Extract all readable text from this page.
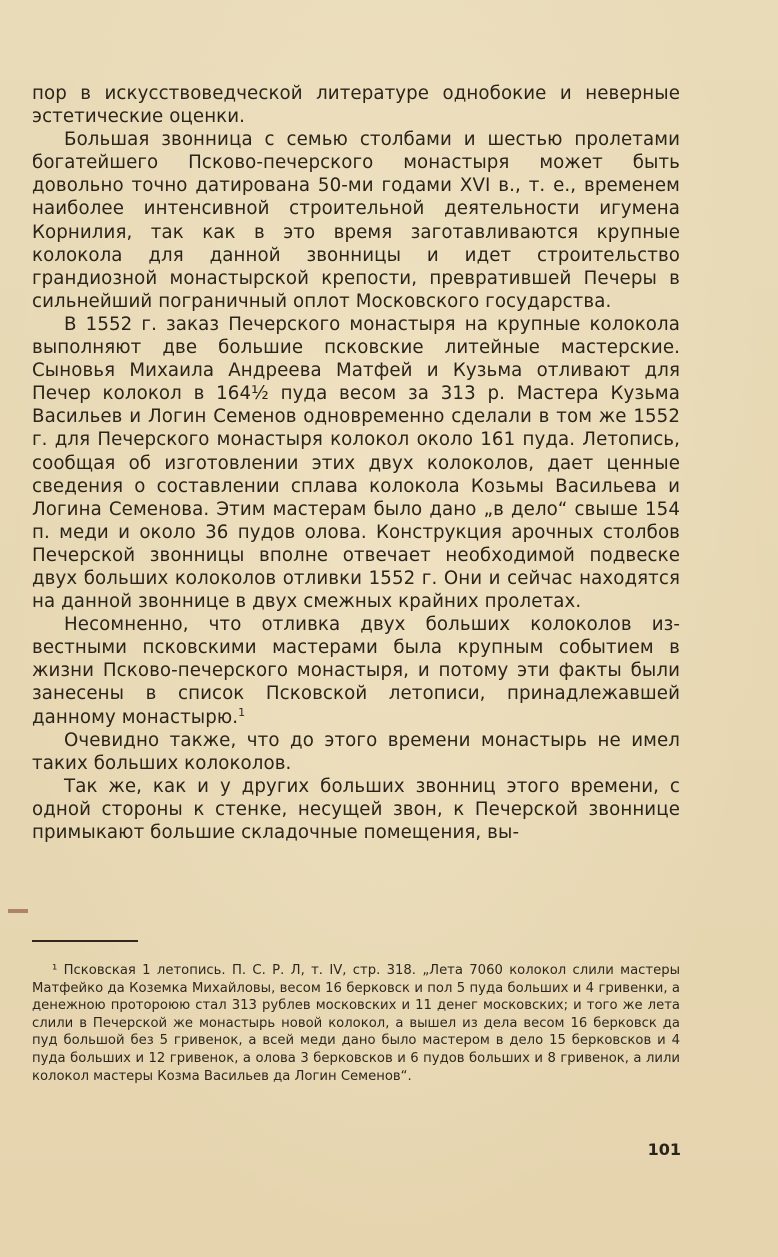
пор в искусствоведческой литературе однобокие и неверные эстетические оценки.

Большая звонница с семью столбами и шестью пролетами богатейшего Псково-печерского монастыря может быть довольно точно датирована 50-ми годами XVI в., т. е., временем наиболее интенсивной строительной деятельности игумена Корнилия, так как в это время заготавливаются крупные колокола для данной звонницы и идет строительство грандиозной монастырской крепости, превратившей Печеры в сильнейший пограничный оплот Московского государства.

В 1552 г. заказ Печерского монастыря на крупные колокола выполняют две большие псковские литейные мастерские. Сыновья Михаила Андреева Матфей и Кузьма отливают для Печер колокол в 164½ пуда весом за 313 р. Мастера Кузьма Васильев и Логин Семенов одновременно сделали в том же 1552 г. для Печерского монастыря колокол около 161 пуда. Летопись, сообщая об изготовлении этих двух колоколов, дает ценные сведения о составлении сплава колокола Козьмы Васильева и Логина Семенова. Этим мастерам было дано „в дело“ свыше 154 п. меди и около 36 пудов олова. Конструкция арочных столбов Печерской звонницы вполне отвечает необходимой подвеске двух больших колоколов отливки 1552 г. Они и сейчас находятся на данной звоннице в двух смежных крайних пролетах.

Несомненно, что отливка двух больших колоколов известными псковскими мастерами была крупным событием в жизни Псково-печерского монастыря, и потому эти факты были занесены в список Псковской летописи, принадлежавшей данному монастырю.$^1$

Очевидно также, что до этого времени монастырь не имел таких больших колоколов.

Так же, как и у других больших звонниц этого времени, с одной стороны к стенке, несущей звон, к Печерской звоннице примыкают большие складочные помещения, вы-

¹ Псковская 1 летопись. П. С. Р. Л, т. IV, стр. 318. „Лета 7060 колокол слили мастеры Матфейко да Коземка Михайловы, весом 16 берковск и пол 5 пуда больших и 4 гривенки, а денежною протороюю стал 313 рублев московских и 11 денег московских; и того же лета слили в Печерской же монастырь новой колокол, а вышел из дела весом 16 берковск да пуд большой без 5 гривенок, а всей меди дано было мастером в дело 15 берковсков и 4 пуда больших и 12 гривенок, а олова 3 берковсков и 6 пудов больших и 8 гривенок, а лили колокол мастеры Козма Васильев да Логин Семенов“.

101
